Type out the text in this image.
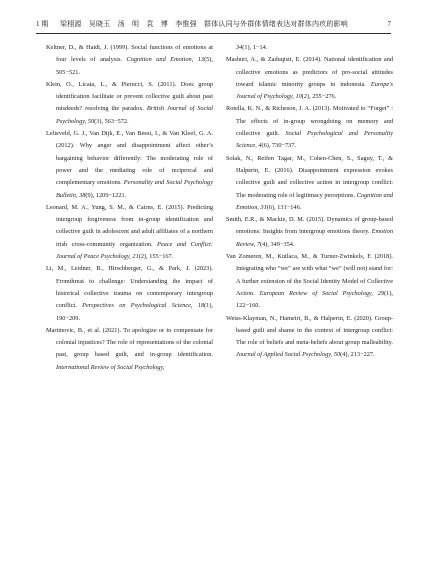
1 期	梁栩源　吴晓玉　汤　明　袁　博　李惟强　群体认同与外群体情绪表达对群体内疚的影响	7

Keltner, D., & Haidt, J. (1999). Social functions of emotions at four levels of analysis. Cognition and Emotion, 13(5), 505−521.

Klein, O., Licata, L., & Pierucci, S. (2011). Does group identification facilitate or prevent collective guilt about past misdeeds? resolving the paradox. British Journal of Social Psychology, 50(3), 563−572.

Lelieveld, G. J., Van Dijk, E., Van Beest, I., & Van Kleef, G. A. (2012). Why anger and disappointment affect other’s bargaining behavior differently: The moderating role of power and the mediating role of reciprocal and complementary emotions. Personality and Social Psychology Bulletin, 38(9), 1209−1221.

Leonard, M. A., Yung, S. M., & Cairns, E. (2015). Predicting intergroup forgiveness from in-group identification and collective guilt in adolescent and adult affiliates of a northern irish cross-community organization. Peace and Conflict: Journal of Peace Psychology, 21(2), 155−167.

Li, M., Leidner, B., Hirschberger, G., & Park, J. (2023). Fromthreat to challenge: Understanding the impact of historical collective trauma on contemporary intergroup conflict. Perspectives on Psychological Science, 18(1), 190−209.

Martinovic, B., et al. (2021). To apologize or to compensate for colonial injustices? The role of representations of the colonial past, group based guilt, and in-group identification. International Review of Social Psychology,

34(1), 1−14.

Mashuri, A., & Zaduqisti, E. (2014). National identification and collective emotions as predictors of pro-social attitudes toward islamic minority groups in indonesia. Europe's Journal of Psychology, 10(2), 255−276.

Rotella, K. N., & Richeson, J. A. (2013). Motivated to “Forget” : The effects of in-group wrongdoing on memory and collective guilt. Social Psychological and Personality Science, 4(6), 730−737.

Solak, N., Reifen Tagar, M., Cohen-Chen, S., Saguy, T., & Halperin, E. (2016). Disappointment expression evokes collective guilt and collective action in intergroup conflict: The moderating role of legitimacy perceptions. Cognition and Emotion, 31(6), 131−146.

Smith, E.R., & Mackie, D. M. (2015). Dynamics of group-based emotions: Insights from intergroup emotions theory. Emotion Review, 7(4), 349−354.

Van Zomeren, M., Kutlaca, M., & Turner-Zwinkels, F. (2018). Integrating who “we” are with what “we” (will not) stand for: A further extension of the Social Identity Model of Collective Action. European Review of Social Psychology, 29(1), 122−160.

Weiss-Klayman, N., Hameiri, B., & Halperin, E. (2020). Group-based guilt and shame in the context of intergroup conflict: The role of beliefs and meta-beliefs about group malleability. Journal of Applied Social Psychology, 50(4), 213−227.
